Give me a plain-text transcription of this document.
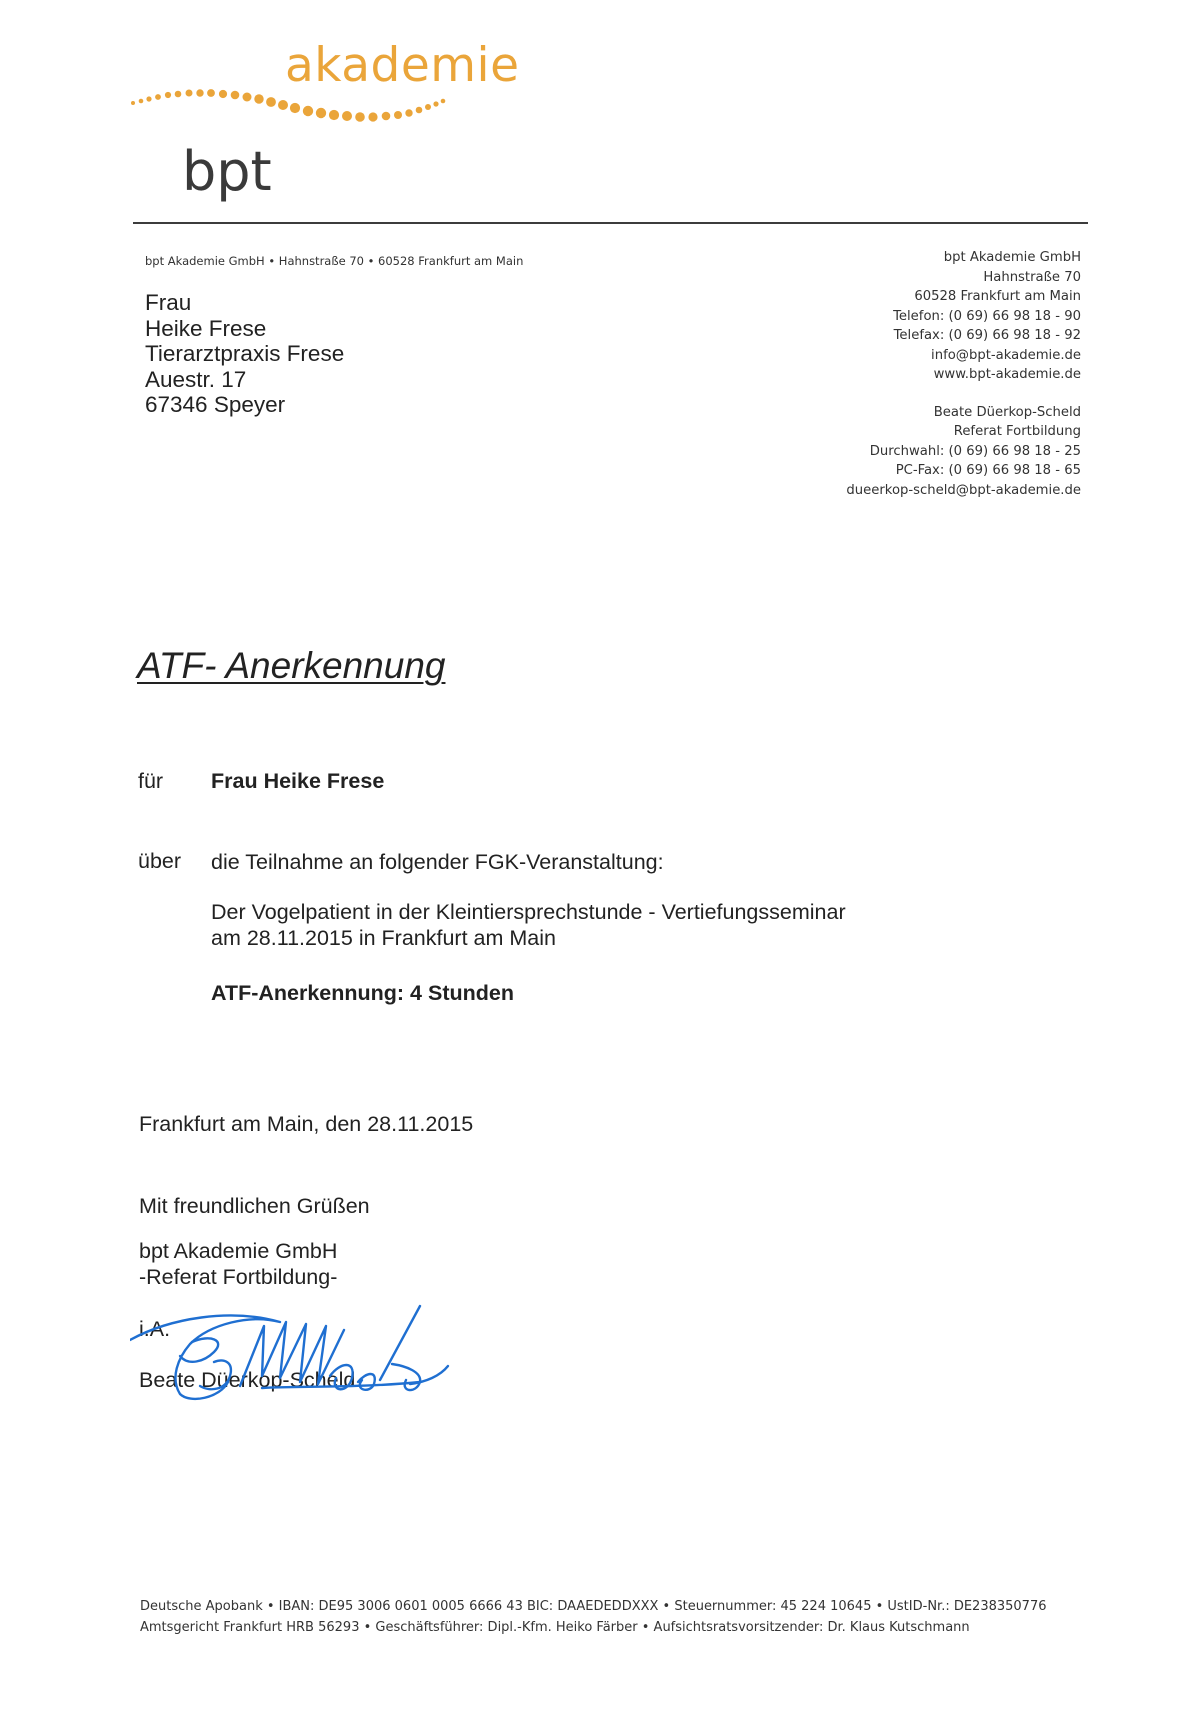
akademie
bpt
bpt Akademie GmbH • Hahnstraße 70 • 60528 Frankfurt am Main
Frau
Heike Frese
Tierarztpraxis Frese
Auestr. 17
67346 Speyer
bpt Akademie GmbH
Hahnstraße 70
60528 Frankfurt am Main
Telefon: (0 69) 66 98 18 - 90
Telefax: (0 69) 66 98 18 - 92
info@bpt-akademie.de
www.bpt-akademie.de
Beate Düerkop-Scheld
Referat Fortbildung
Durchwahl: (0 69) 66 98 18 - 25
PC-Fax: (0 69) 66 98 18 - 65
dueerkop-scheld@bpt-akademie.de
ATF- Anerkennung
für Frau Heike Frese
über die Teilnahme an folgender FGK-Veranstaltung:
Der Vogelpatient in der Kleintiersprechstunde - Vertiefungsseminar
am 28.11.2015 in Frankfurt am Main
ATF-Anerkennung: 4 Stunden
Frankfurt am Main, den 28.11.2015
Mit freundlichen Grüßen
bpt Akademie GmbH
-Referat Fortbildung-
i.A.
Beate Düerkop-Scheld
Deutsche Apobank • IBAN: DE95 3006 0601 0005 6666 43 BIC: DAAEDEDDXXX • Steuernummer: 45 224 10645 • UstID-Nr.: DE238350776
Amtsgericht Frankfurt HRB 56293 • Geschäftsführer: Dipl.-Kfm. Heiko Färber • Aufsichtsratsvorsitzender: Dr. Klaus Kutschmann
